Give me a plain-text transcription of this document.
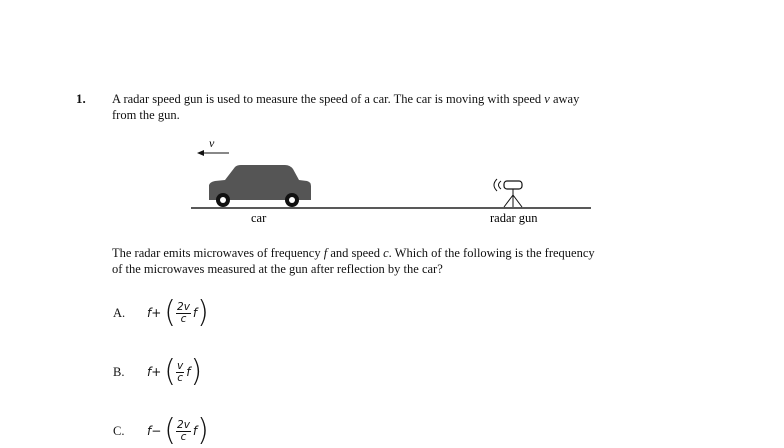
1. A radar speed gun is used to measure the speed of a car. The car is moving with speed v away
from the gun.
v
car	radar gun
The radar emits microwaves of frequency f and speed c. Which of the following is the frequency
of the microwaves measured at the gun after reflection by the car?
A. f + ( $\frac{2v}{c}$ f )
B. f + ( $\frac{v}{c}$ f )
C. f − ( $\frac{2v}{c}$ f )
